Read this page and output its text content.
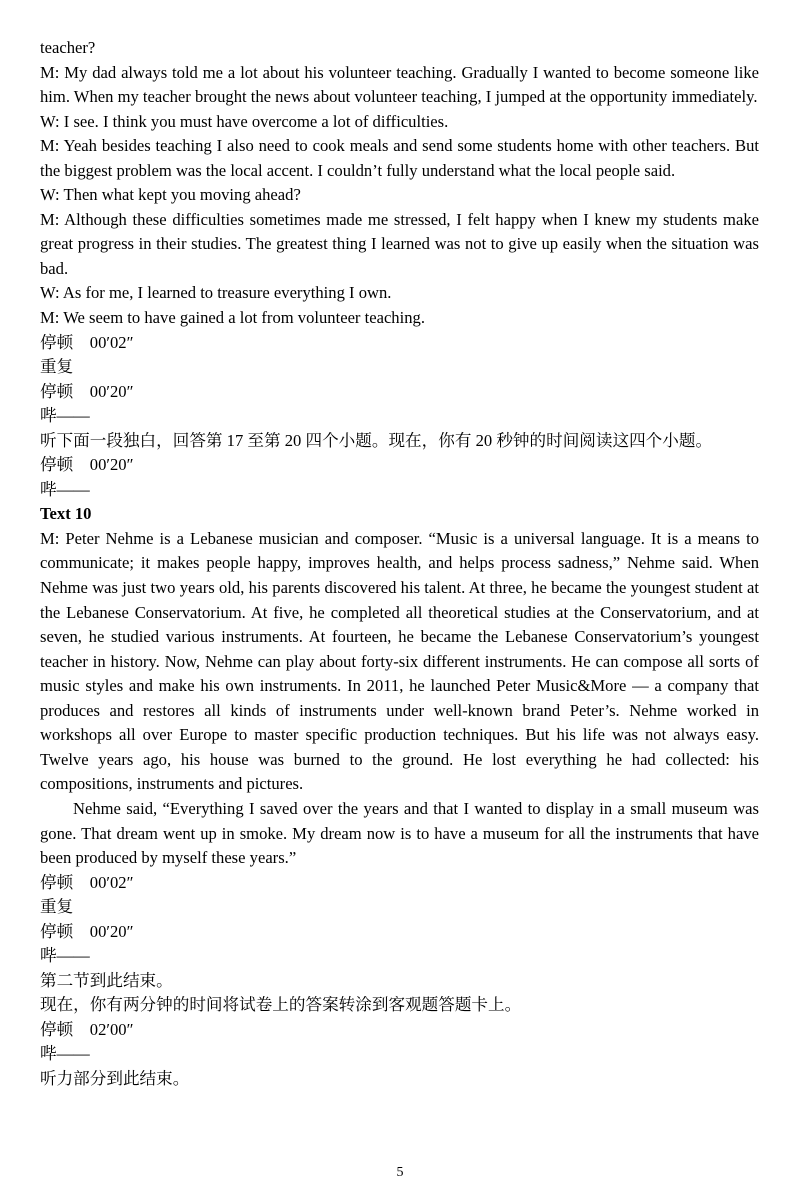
teacher?

M: My dad always told me a lot about his volunteer teaching. Gradually I wanted to become someone like him. When my teacher brought the news about volunteer teaching, I jumped at the opportunity immediately.

W: I see. I think you must have overcome a lot of difficulties.

M: Yeah besides teaching I also need to cook meals and send some students home with other teachers. But the biggest problem was the local accent. I couldn’t fully understand what the local people said.

W: Then what kept you moving ahead?

M: Although these difficulties sometimes made me stressed, I felt happy when I knew my students make great progress in their studies. The greatest thing I learned was not to give up easily when the situation was bad.

W: As for me, I learned to treasure everything I own.

M: We seem to have gained a lot from volunteer teaching.

停顿　00′02″

重复

停顿　00′20″

哔——

听下面一段独白，回答第 17 至第 20 四个小题。现在，你有 20 秒钟的时间阅读这四个小题。

停顿　00′20″

哔——

Text 10

M: Peter Nehme is a Lebanese musician and composer. “Music is a universal language. It is a means to communicate; it makes people happy, improves health, and helps process sadness,” Nehme said. When Nehme was just two years old, his parents discovered his talent. At three, he became the youngest student at the Lebanese Conservatorium. At five, he completed all theoretical studies at the Conservatorium, and at seven, he studied various instruments. At fourteen, he became the Lebanese Conservatorium’s youngest teacher in history. Now, Nehme can play about forty-six different instruments. He can compose all sorts of music styles and make his own instruments. In 2011, he launched Peter Music&More — a company that produces and restores all kinds of instruments under well-known brand Peter’s. Nehme worked in workshops all over Europe to master specific production techniques. But his life was not always easy. Twelve years ago, his house was burned to the ground. He lost everything he had collected: his compositions, instruments and pictures.

Nehme said, “Everything I saved over the years and that I wanted to display in a small museum was gone. That dream went up in smoke. My dream now is to have a museum for all the instruments that have been produced by myself these years.”

停顿　00′02″

重复

停顿　00′20″

哔——

第二节到此结束。

现在，你有两分钟的时间将试卷上的答案转涂到客观题答题卡上。

停顿　02′00″

哔——

听力部分到此结束。

5
